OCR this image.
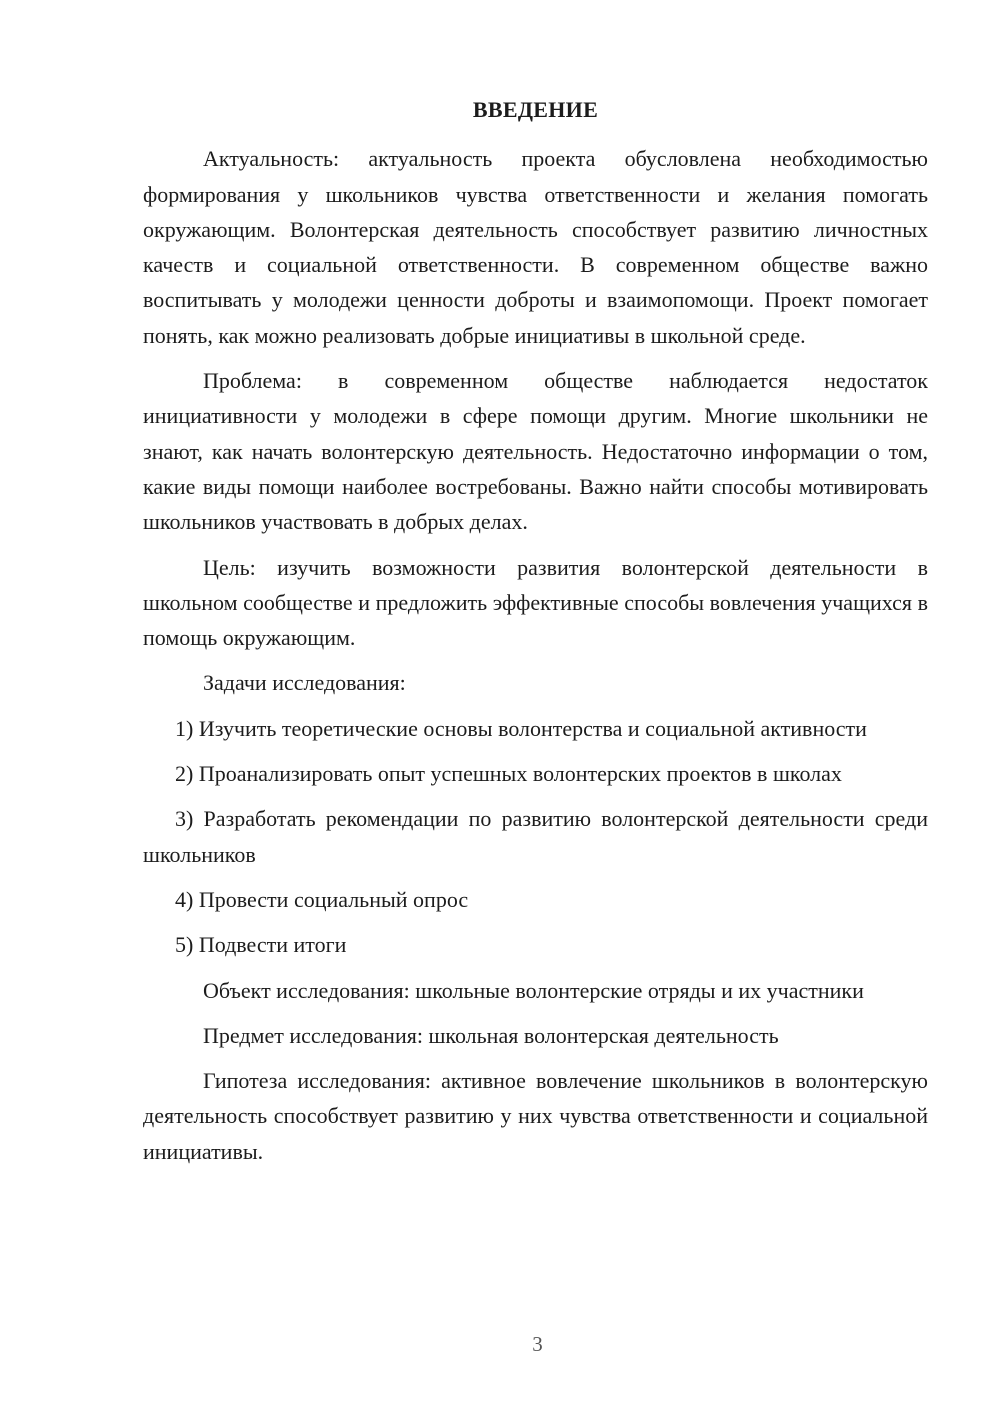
ВВЕДЕНИЕ

Актуальность: актуальность проекта обусловлена необходимостью формирования у школьников чувства ответственности и желания помогать окружающим. Волонтерская деятельность способствует развитию личностных качеств и социальной ответственности. В современном обществе важно воспитывать у молодежи ценности доброты и взаимопомощи. Проект помогает понять, как можно реализовать добрые инициативы в школьной среде.

Проблема: в современном обществе наблюдается недостаток инициативности у молодежи в сфере помощи другим. Многие школьники не знают, как начать волонтерскую деятельность. Недостаточно информации о том, какие виды помощи наиболее востребованы. Важно найти способы мотивировать школьников участвовать в добрых делах.

Цель: изучить возможности развития волонтерской деятельности в школьном сообществе и предложить эффективные способы вовлечения учащихся в помощь окружающим.

Задачи исследования:

1) Изучить теоретические основы волонтерства и социальной активности

2) Проанализировать опыт успешных волонтерских проектов в школах

3) Разработать рекомендации по развитию волонтерской деятельности среди школьников

4) Провести социальный опрос

5) Подвести итоги

Объект исследования: школьные волонтерские отряды и их участники

Предмет исследования: школьная волонтерская деятельность

Гипотеза исследования: активное вовлечение школьников в волонтерскую деятельность способствует развитию у них чувства ответственности и социальной инициативы.

3
